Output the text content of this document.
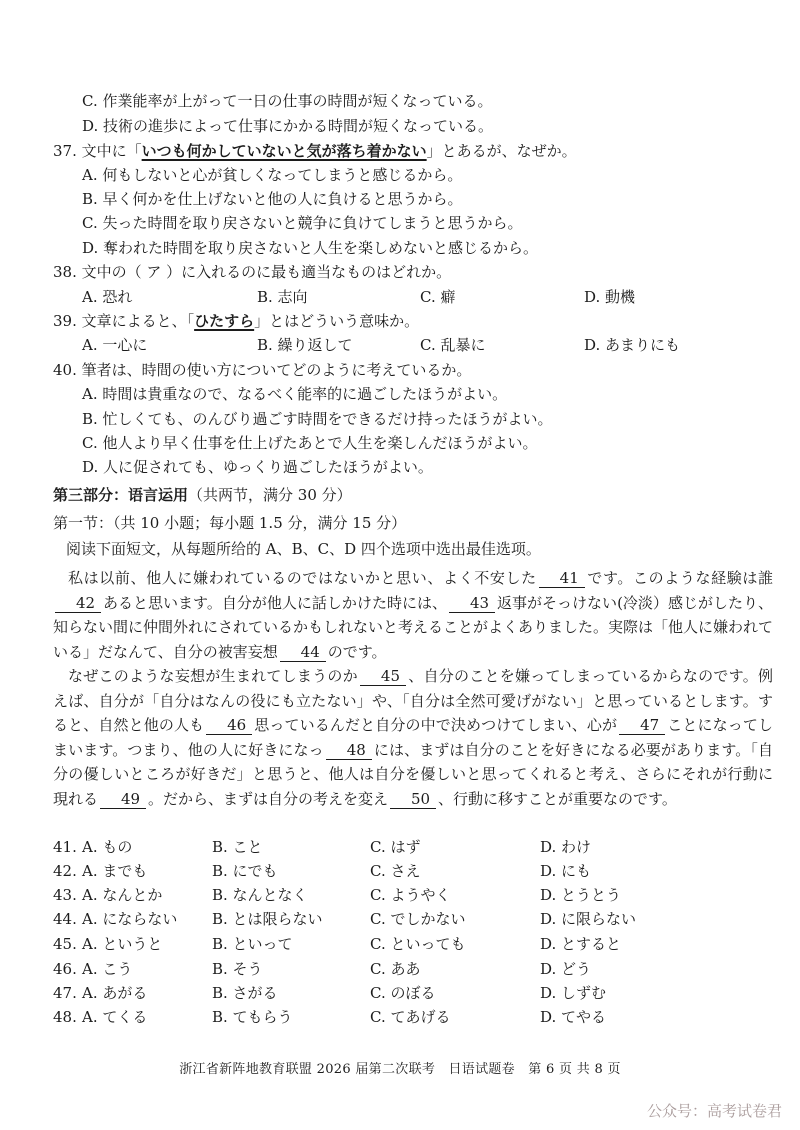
C. 作業能率が上がって一日の仕事の時間が短くなっている。
D. 技術の進歩によって仕事にかかる時間が短くなっている。
37. 文中に「いつも何かしていないと気が落ち着かない」とあるが、なぜか。
A. 何もしないと心が貧しくなってしまうと感じるから。
B. 早く何かを仕上げないと他の人に負けると思うから。
C. 失った時間を取り戻さないと競争に負けてしまうと思うから。
D. 奪われた時間を取り戻さないと人生を楽しめないと感じるから。
38. 文中の（ ア ）に入れるのに最も適当なものはどれか。
A. 恐れ	B. 志向	C. 癖	D. 動機
39. 文章によると、「ひたすら」とはどういう意味か。
A. 一心に	B. 繰り返して	C. 乱暴に	D. あまりにも
40. 筆者は、時間の使い方についてどのように考えているか。
A. 時間は貴重なので、なるべく能率的に過ごしたほうがよい。
B. 忙しくても、のんびり過ごす時間をできるだけ持ったほうがよい。
C. 他人より早く仕事を仕上げたあとで人生を楽しんだほうがよい。
D. 人に促されても、ゆっくり過ごしたほうがよい。
第三部分：语言运用（共两节，满分 30 分）
第一节：（共 10 小题；每小题 1.5 分，满分 15 分）
阅读下面短文，从每题所给的 A、B、C、D 四个选项中选出最佳选项。
私は以前、他人に嫌われているのではないかと思い、よく不安した 41 です。このような経験は誰42 あると思います。自分が他人に話しかけた時には、 43 返事がそっけない(冷淡）感じがしたり、知らない間に仲間外れにされているかもしれないと考えることがよくありました。実際は「他人に嫌われている」だなんて、自分の被害妄想 44 のです。
なぜこのような妄想が生まれてしまうのか 45 、自分のことを嫌ってしまっているからなのです。例えば、自分が「自分はなんの役にも立たない」や、「自分は全然可愛げがない」と思っているとします。すると、自然と他の人も 46 思っているんだと自分の中で決めつけてしまい、心が 47 ことになってしまいます。つまり、他の人に好きになっ 48 には、まずは自分のことを好きになる必要があります。「自分の優しいところが好きだ」と思うと、他人は自分を優しいと思ってくれると考え、さらにそれが行動に現れる 49 。だから、まずは自分の考えを変え 50 、行動に移すことが重要なのです。
41. A. もの	B. こと	C. はず	D. わけ
42. A. までも	B. にでも	C. さえ	D. にも
43. A. なんとか	B. なんとなく	C. ようやく	D. とうとう
44. A. にならない B. とは限らない	C. でしかない	D. に限らない
45. A. というと	B. といって	C. といっても	D. とすると
46. A. こう	B. そう	C. ああ	D. どう
47. A. あがる	B. さがる	C. のぼる	D. しずむ
48. A. てくる	B. てもらう	C. てあげる	D. てやる
浙江省新阵地教育联盟 2026 届第二次联考　日语试题卷　第 6 页 共 8 页
公众号：高考试卷君
